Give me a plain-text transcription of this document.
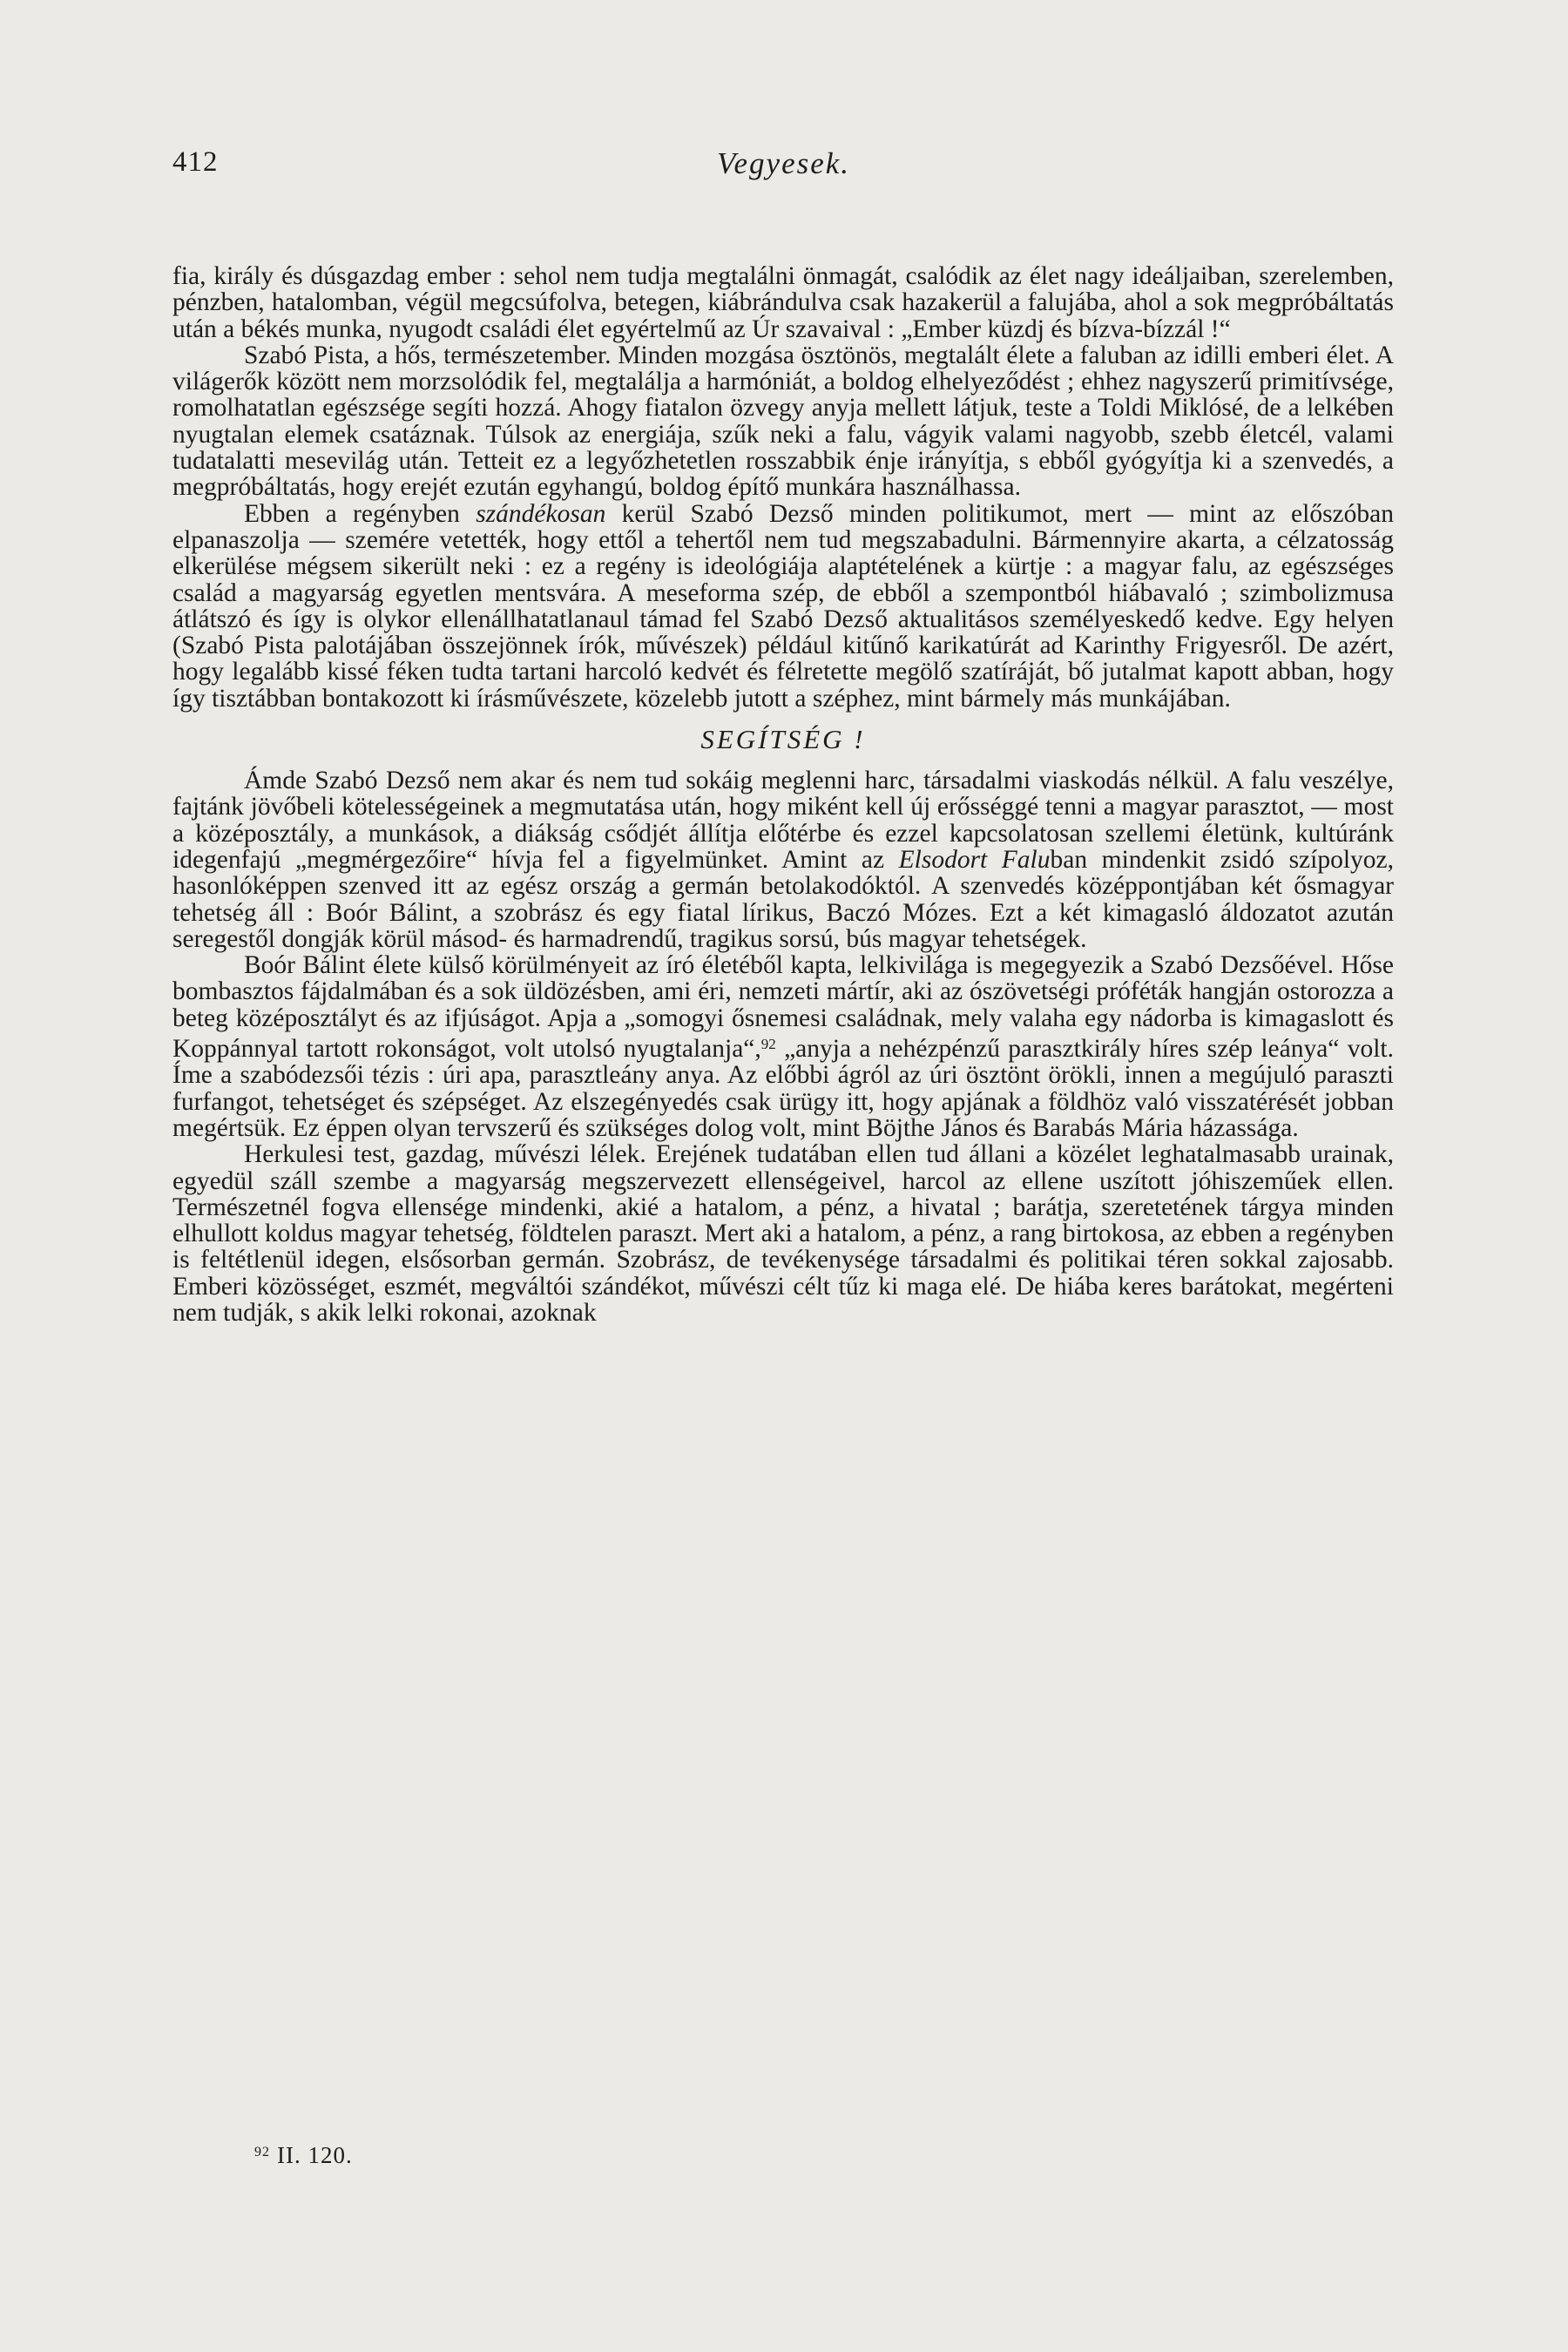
412	Vegyesek.

fia, király és dúsgazdag ember : sehol nem tudja megtalálni önmagát, csalódik az élet nagy ideáljaiban, szerelemben, pénzben, hatalomban, végül megcsúfolva, betegen, kiábrándulva csak hazakerül a falujába, ahol a sok megpróbáltatás után a békés munka, nyugodt családi élet egyértelmű az Úr szavaival : „Ember küzdj és bízva-bízzál !“

Szabó Pista, a hős, természetember. Minden mozgása ösztönös, megtalált élete a faluban az idilli emberi élet. A világerők között nem morzsolódik fel, megtalálja a harmóniát, a boldog elhelyeződést ; ehhez nagyszerű primitívsége, romolhatatlan egészsége segíti hozzá. Ahogy fiatalon özvegy anyja mellett látjuk, teste a Toldi Miklósé, de a lelkében nyugtalan elemek csatáznak. Túlsok az energiája, szűk neki a falu, vágyik valami nagyobb, szebb életcél, valami tudatalatti mesevilág után. Tetteit ez a legyőzhetetlen rosszabbik énje irányítja, s ebből gyógyítja ki a szenvedés, a megpróbáltatás, hogy erejét ezután egyhangú, boldog építő munkára használhassa.

Ebben a regényben szándékosan kerül Szabó Dezső minden politikumot, mert — mint az előszóban elpanaszolja — szemére vetették, hogy ettől a tehertől nem tud megszabadulni. Bármennyire akarta, a célzatosság elkerülése mégsem sikerült neki : ez a regény is ideológiája alaptételének a kürtje : a magyar falu, az egészséges család a magyarság egyetlen mentsvára. A meseforma szép, de ebből a szempontból hiábavaló ; szimbolizmusa átlátszó és így is olykor ellenállhatatlanaul támad fel Szabó Dezső aktualitásos személyeskedő kedve. Egy helyen (Szabó Pista palotájában összejönnek írók, művészek) például kitűnő karikatúrát ad Karinthy Frigyesről. De azért, hogy legalább kissé féken tudta tartani harcoló kedvét és félretette megölő szatíráját, bő jutalmat kapott abban, hogy így tisztábban bontakozott ki írásművészete, közelebb jutott a széphez, mint bármely más munkájában.

SEGÍTSÉG !

Ámde Szabó Dezső nem akar és nem tud sokáig meglenni harc, társadalmi viaskodás nélkül. A falu veszélye, fajtánk jövőbeli kötelességeinek a megmutatása után, hogy miként kell új erősséggé tenni a magyar parasztot, — most a középosztály, a munkások, a diákság csődjét állítja előtérbe és ezzel kapcsolatosan szellemi életünk, kultúránk idegenfajú „megmérgezőire“ hívja fel a figyelmünket. Amint az Elsodort Faluban mindenkit zsidó szípolyoz, hasonlóképpen szenved itt az egész ország a germán betolakodóktól. A szenvedés középpontjában két ősmagyar tehetség áll : Boór Bálint, a szobrász és egy fiatal lírikus, Baczó Mózes. Ezt a két kimagasló áldozatot azután seregestől dongják körül másod- és harmadrendű, tragikus sorsú, bús magyar tehetségek.

Boór Bálint élete külső körülményeit az író életéből kapta, lelkivilága is megegyezik a Szabó Dezsőével. Hőse bombasztos fájdalmában és a sok üldözésben, ami éri, nemzeti mártír, aki az ószövetségi próféták hangján ostorozza a beteg középosztályt és az ifjúságot. Apja a „somogyi ősnemesi családnak, mely valaha egy nádorba is kimagaslott és Koppánnyal tartott rokonságot, volt utolsó nyugtalanja“,$^{92}$ „anyja a nehézpénzű parasztkirály híres szép leánya“ volt. Íme a szabódezsői tézis : úri apa, parasztleány anya. Az előbbi ágról az úri ösztönt örökli, innen a megújuló paraszti furfangot, tehetséget és szépséget. Az elszegényedés csak ürügy itt, hogy apjának a földhöz való visszatérését jobban megértsük. Ez éppen olyan tervszerű és szükséges dolog volt, mint Böjthe János és Barabás Mária házassága.

Herkulesi test, gazdag, művészi lélek. Erejének tudatában ellen tud állani a közélet leghatalmasabb urainak, egyedül száll szembe a magyarság megszervezett ellenségeivel, harcol az ellene uszított jóhiszeműek ellen. Természetnél fogva ellensége mindenki, akié a hatalom, a pénz, a hivatal ; barátja, szeretetének tárgya minden elhullott koldus magyar tehetség, földtelen paraszt. Mert aki a hatalom, a pénz, a rang birtokosa, az ebben a regényben is feltétlenül idegen, elsősorban germán. Szobrász, de tevékenysége társadalmi és politikai téren sokkal zajosabb. Emberi közösséget, eszmét, megváltói szándékot, művészi célt tűz ki maga elé. De hiába keres barátokat, megérteni nem tudják, s akik lelki rokonai, azoknak

$^{92}$ II. 120.
